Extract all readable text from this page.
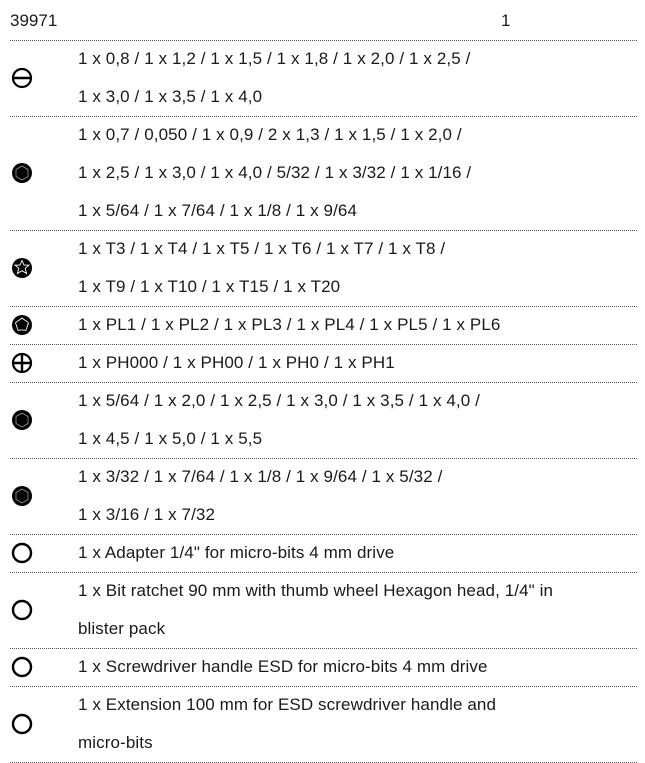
39971	1
1 x 0,8 / 1 x 1,2 / 1 x 1,5 / 1 x 1,8 / 1 x 2,0 / 1 x 2,5 /
1 x 3,0 / 1 x 3,5 / 1 x 4,0
1 x 0,7 / 0,050 / 1 x 0,9 / 2 x 1,3 / 1 x 1,5 / 1 x 2,0 /
1 x 2,5 / 1 x 3,0 / 1 x 4,0 / 5/32 / 1 x 3/32 / 1 x 1/16 /
1 x 5/64 / 1 x 7/64 / 1 x 1/8 / 1 x 9/64
1 x T3 / 1 x T4 / 1 x T5 / 1 x T6 / 1 x T7 / 1 x T8 /
1 x T9 / 1 x T10 / 1 x T15 / 1 x T20
1 x PL1 / 1 x PL2 / 1 x PL3 / 1 x PL4 / 1 x PL5 / 1 x PL6
1 x PH000 / 1 x PH00 / 1 x PH0 / 1 x PH1
1 x 5/64 / 1 x 2,0 / 1 x 2,5 / 1 x 3,0 / 1 x 3,5 / 1 x 4,0 /
1 x 4,5 / 1 x 5,0 / 1 x 5,5
1 x 3/32 / 1 x 7/64 / 1 x 1/8 / 1 x 9/64 / 1 x 5/32 /
1 x 3/16 / 1 x 7/32
1 x Adapter 1/4" for micro-bits 4 mm drive
1 x Bit ratchet 90 mm with thumb wheel Hexagon head, 1/4" in
blister pack
1 x Screwdriver handle ESD for micro-bits 4 mm drive
1 x Extension 100 mm for ESD screwdriver handle and
micro-bits
